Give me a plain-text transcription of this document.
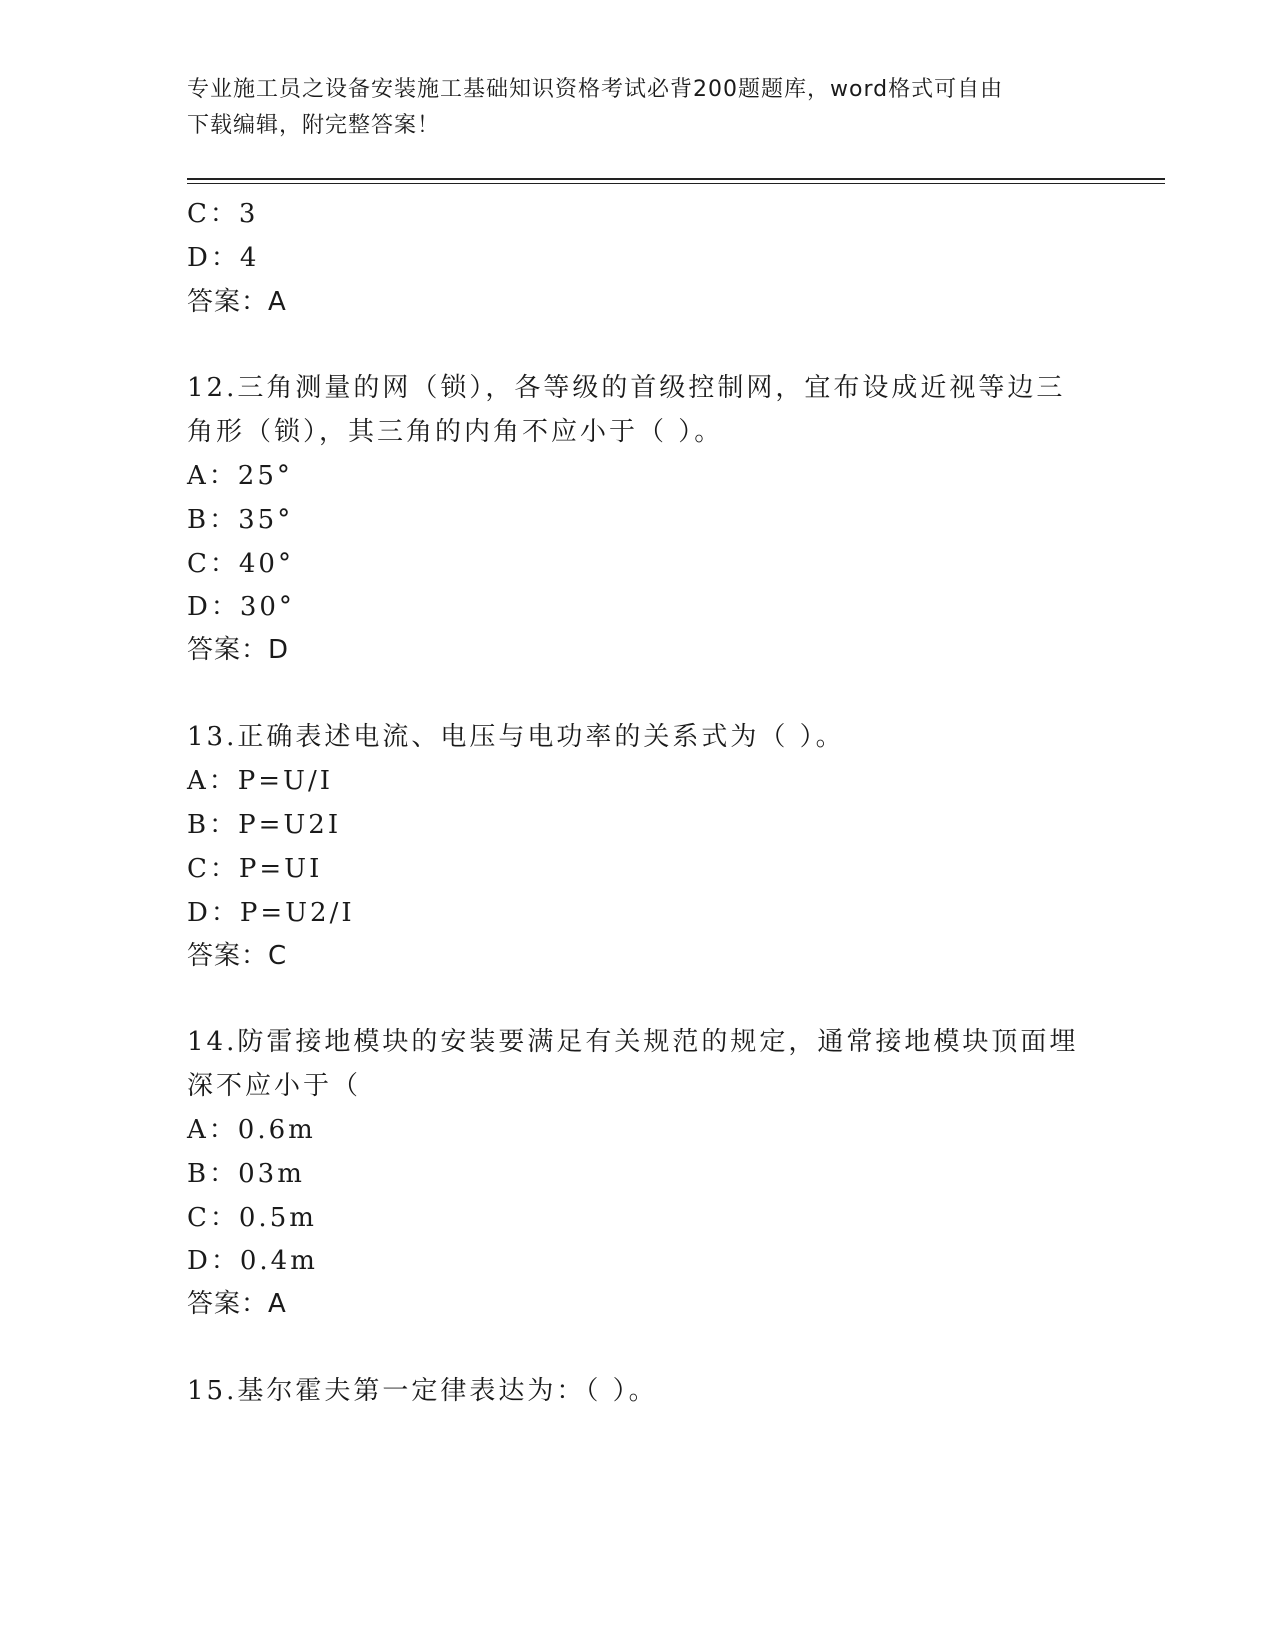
专业施工员之设备安装施工基础知识资格考试必背200题题库，word格式可自由
下载编辑，附完整答案！
C：3
D：4
答案：A
12.三角测量的网（锁），各等级的首级控制网，宜布设成近视等边三
角形（锁），其三角的内角不应小于（ ）。
A：25°
B：35°
C：40°
D：30°
答案：D
13.正确表述电流、电压与电功率的关系式为（ ）。
A：P=U/I
B：P=U2I
C：P=UI
D：P=U2/I
答案：C
14.防雷接地模块的安装要满足有关规范的规定，通常接地模块顶面埋
深不应小于（
A：0.6m
B：03m
C：0.5m
D：0.4m
答案：A
15.基尔霍夫第一定律表达为：（ ）。
